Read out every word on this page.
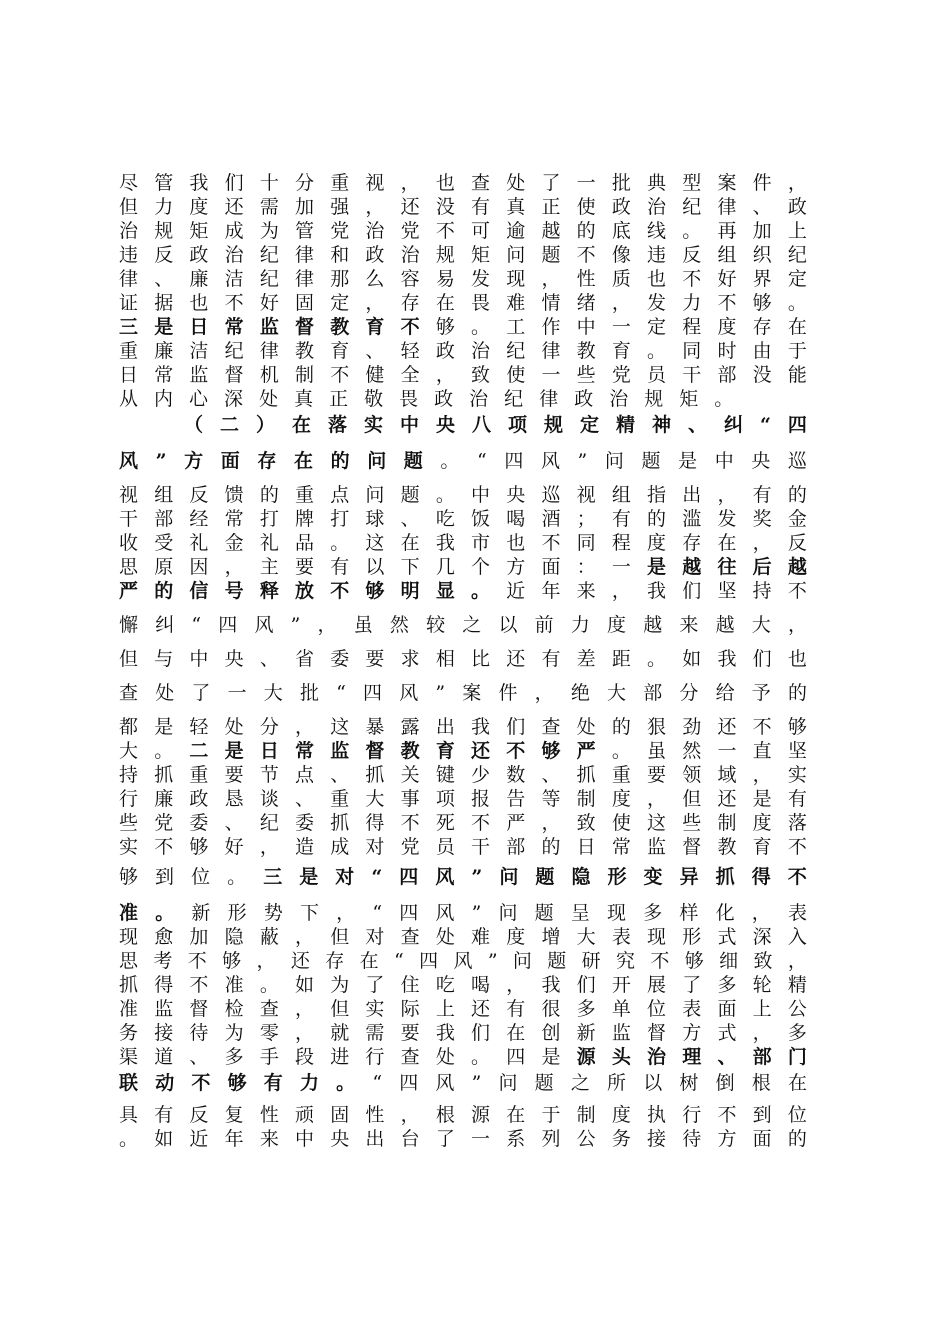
尽 管 我 们 十 分 重 视 ， 也 查 处 了 一 批 典 型 案 件 ，
但 力 度 还 需 加 强 ， 还 没 有 真 正 使 政 治 纪 律 、 政
治 规 矩 成 为 管 党 治 党 不 可 逾 越 的 底 线 。 再 加 上
违 反 政 治 纪 律 和 政 治 规 矩 问 题 不 像 违 反 组 织 纪
律 、 廉 洁 纪 律 那 么 容 易 发 现 ， 性 质 也 不 好 界 定
证 据 也 不 好 固 定 ， 存 在 畏 难 情 绪 ， 发 力 不 够 。
三 是 日 常 监 督 教 育 不 够 。 工 作 中 一 定 程 度 存 在
重 廉 洁 纪 律 教 育 、 轻 政 治 纪 律 教 育 。 同 时 由 于
日 常 监 督 机 制 不 健 全 ， 致 使 一 些 党 员 干 部 没 能
从 内 心 深 处 真 正 敬 畏 政 治 纪 律 政 治 规 矩 。
（ 二 ） 在 落 实 中 央 八 项 规 定 精 神 、 纠 “ 四
风 ” 方 面 存 在 的 问 题 。 “ 四 风 ” 问 题 是 中 央 巡
视 组 反 馈 的 重 点 问 题 。 中 央 巡 视 组 指 出 ， 有 的
干 部 经 常 打 牌 打 球 、 吃 饭 喝 酒 ； 有 的 滥 发 奖 金
收 受 礼 金 礼 品 。 这 在 我 市 也 不 同 程 度 存 在 ， 反
思 原 因 ， 主 要 有 以 下 几 个 方 面 ： 一 是 越 往 后 越
严 的 信 号 释 放 不 够 明 显 。 近 年 来 ， 我 们 坚 持 不
懈 纠 “ 四 风 ” ， 虽 然 较 之 以 前 力 度 越 来 越 大 ，
但 与 中 央 、 省 委 要 求 相 比 还 有 差 距 。 如 我 们 也
查 处 了 一 大 批 “ 四 风 ” 案 件 ， 绝 大 部 分 给 予 的
都 是 轻 处 分 ， 这 暴 露 出 我 们 查 处 的 狠 劲 还 不 够
大 。 二 是 日 常 监 督 教 育 还 不 够 严 。 虽 然 一 直 坚
持 抓 重 要 节 点 、 抓 关 键 少 数 、 抓 重 要 领 域 ， 实
行 廉 政 恳 谈 、 重 大 事 项 报 告 等 制 度 ， 但 还 是 有
些 党 委 、 纪 委 抓 得 不 死 不 严 ， 致 使 这 些 制 度 落
实 不 够 好 ， 造 成 对 党 员 干 部 的 日 常 监 督 教 育 不
够 到 位 。 三 是 对 “ 四 风 ” 问 题 隐 形 变 异 抓 得 不
准 。 新 形 势 下 ， “ 四 风 ” 问 题 呈 现 多 样 化 ， 表
现 愈 加 隐 蔽 ， 但 对 查 处 难 度 增 大 表 现 形 式 深 入
思 考 不 够 ， 还 存 在 “ 四 风 ” 问 题 研 究 不 够 细 致 ，
抓 得 不 准 。 如 为 了 住 吃 喝 ， 我 们 开 展 了 多 轮 精
准 监 督 检 查 ， 但 实 际 上 还 有 很 多 单 位 表 面 上 公
务 接 待 为 零 ， 就 需 要 我 们 在 创 新 监 督 方 式 ， 多
渠 道 、 多 手 段 进 行 查 处 。 四 是 源 头 治 理 、 部 门
联 动 不 够 有 力 。 “ 四 风 ” 问 题 之 所 以 树 倒 根 在
具 有 反 复 性 顽 固 性 ， 根 源 在 于 制 度 执 行 不 到 位
。 如 近 年 来 中 央 出 台 了 一 系 列 公 务 接 待 方 面 的
